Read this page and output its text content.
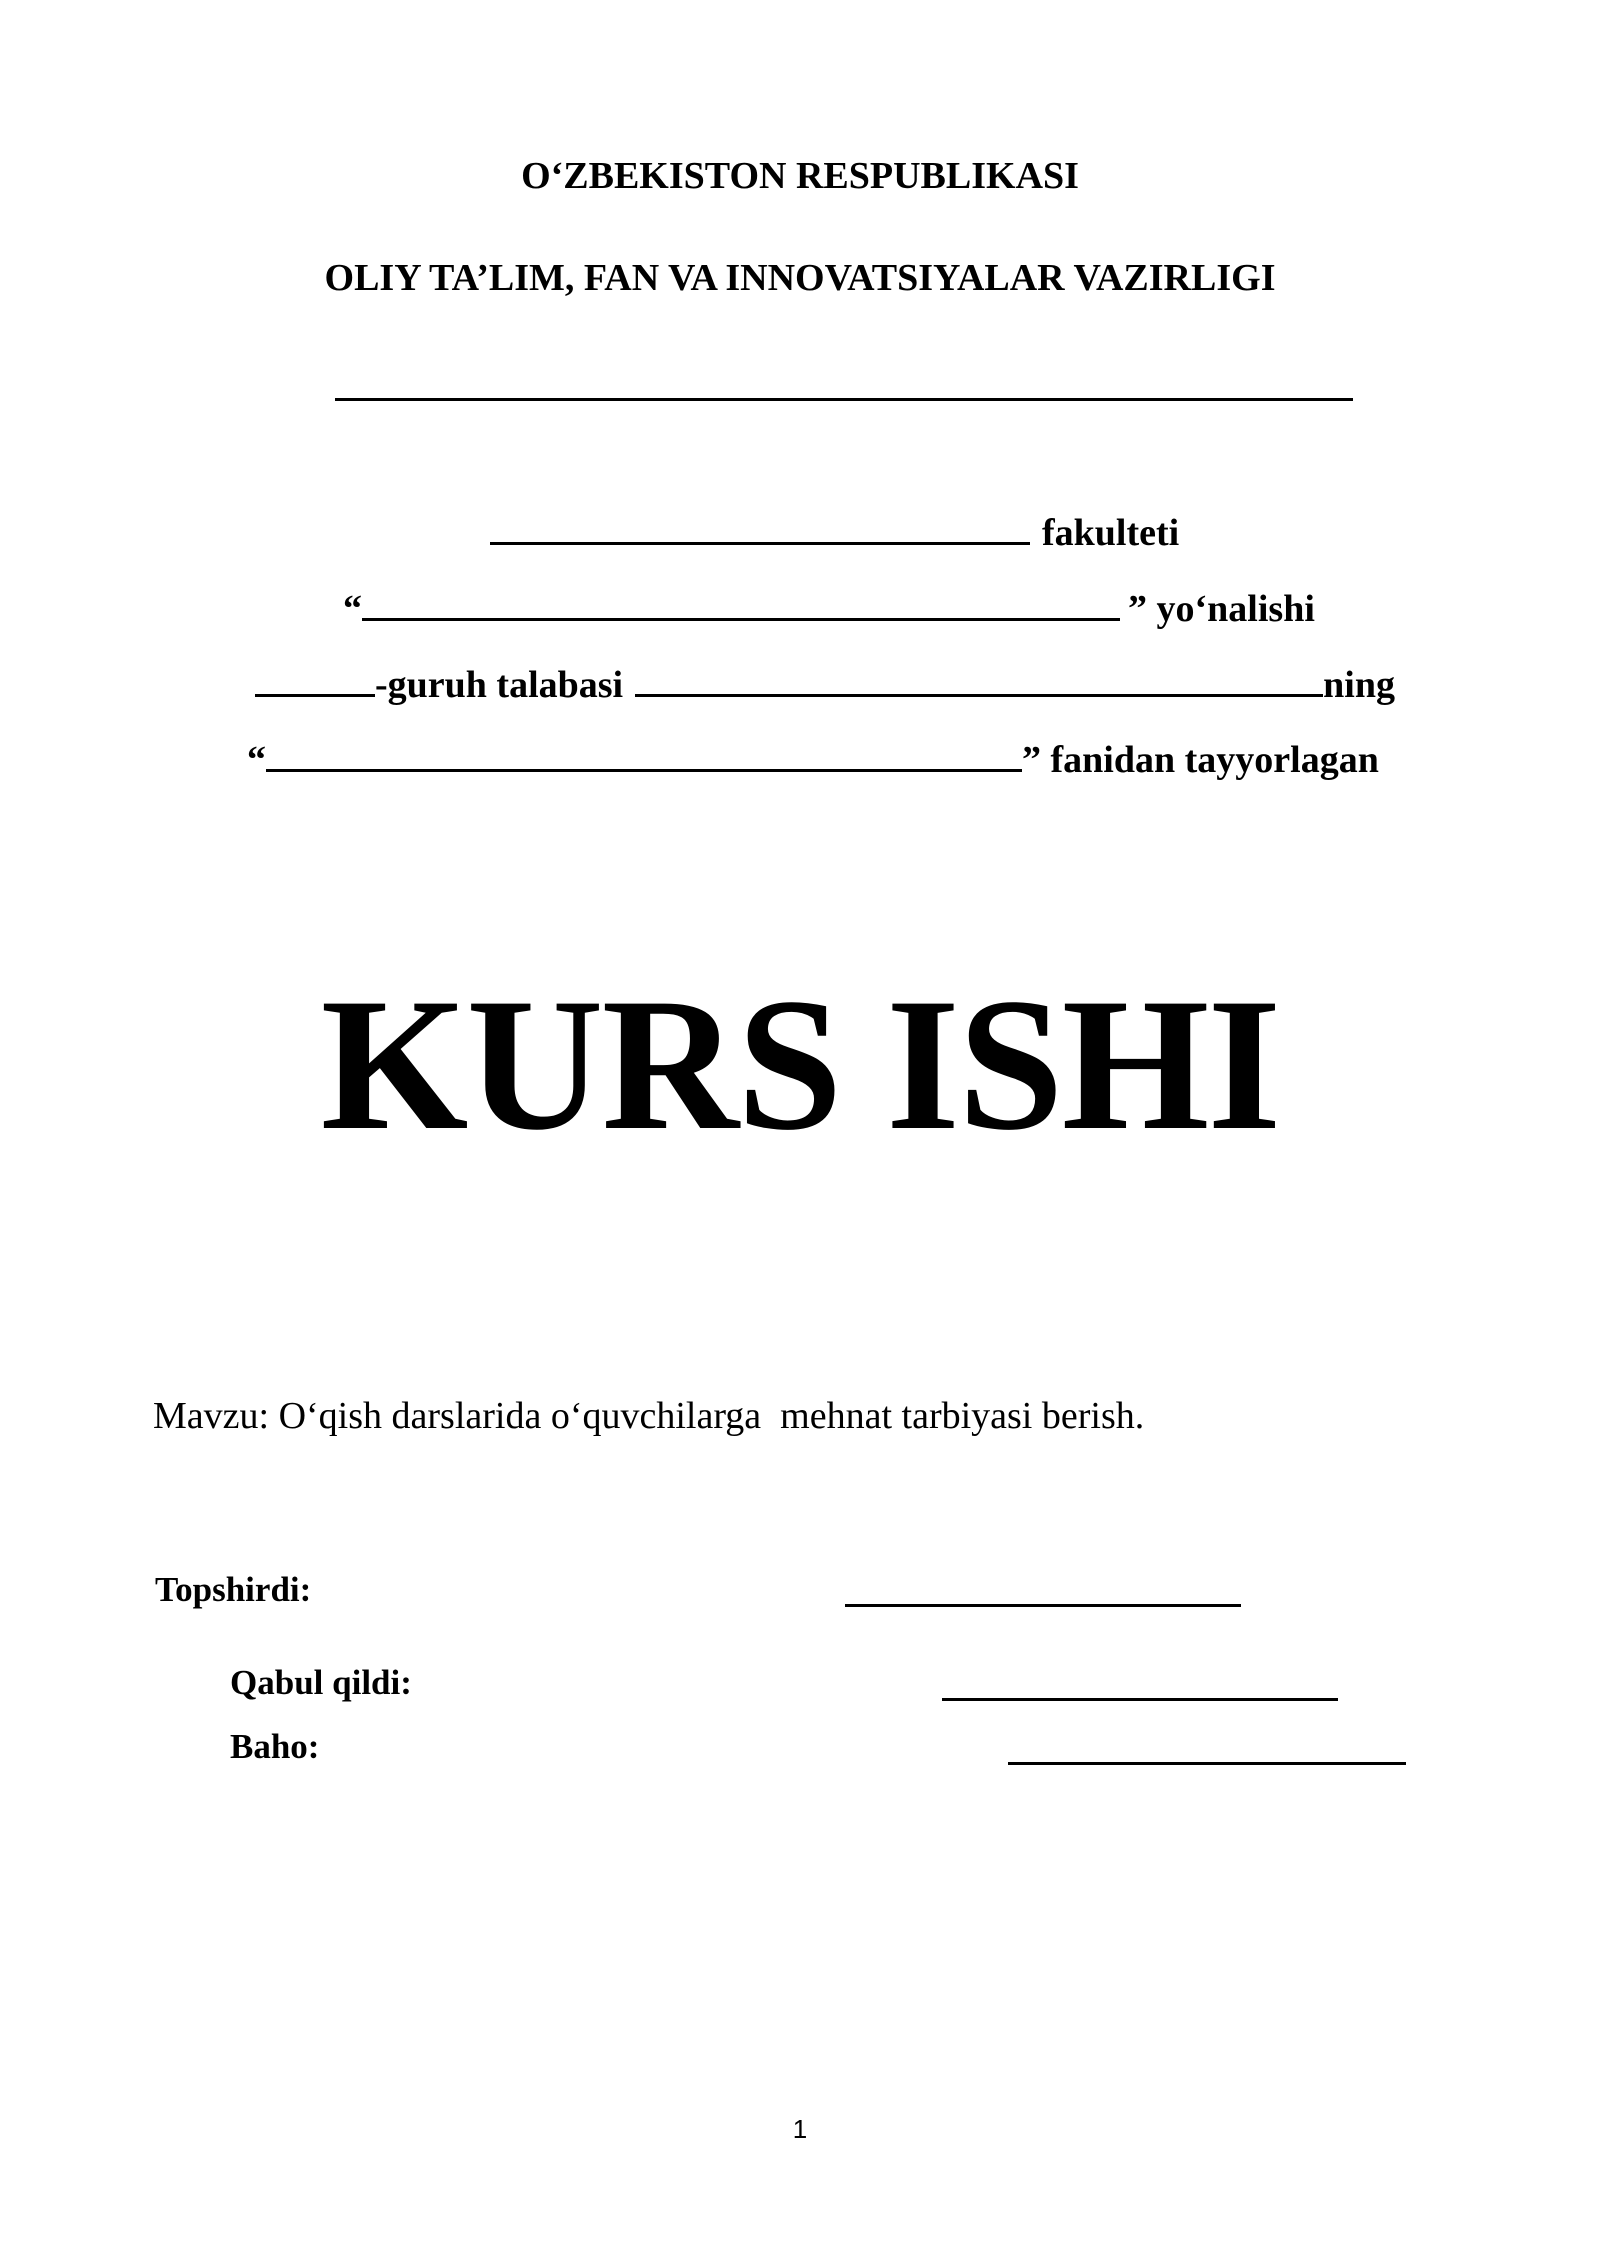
O‘ZBEKISTON RESPUBLIKASI
OLIY TA’LIM, FAN VA INNOVATSIYALAR VAZIRLIGI
fakulteti
“	” yo‘nalishi
-guruh talabasi	ning
“	” fanidan tayyorlagan
KURS ISHI
Mavzu: O‘qish darslarida o‘quvchilarga  mehnat tarbiyasi berish.
Topshirdi:
Qabul qildi:
Baho:
1
